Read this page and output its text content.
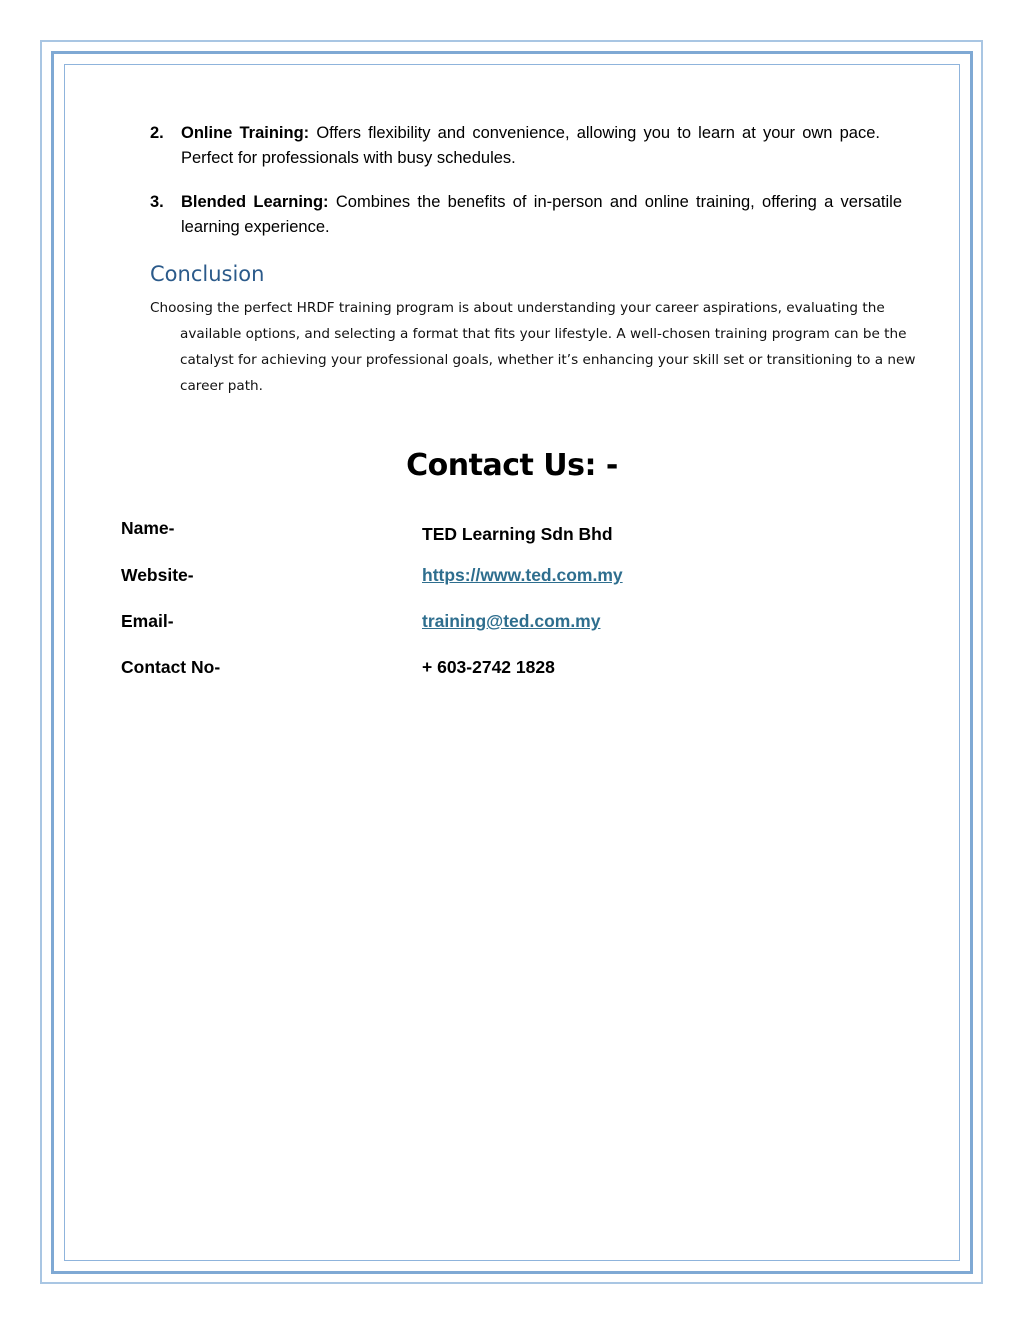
2. Online Training: Offers flexibility and convenience, allowing you to learn at your own pace. Perfect for professionals with busy schedules.
3. Blended Learning: Combines the benefits of in-person and online training, offering a versatile learning experience.
Conclusion

Choosing the perfect HRDF training program is about understanding your career aspirations, evaluating the available options, and selecting a format that fits your lifestyle. A well-chosen training program can be the catalyst for achieving your professional goals, whether it’s enhancing your skill set or transitioning to a new career path.

Contact Us: -
Name-	TED Learning Sdn Bhd
Website-	https://www.ted.com.my
Email-	training@ted.com.my
Contact No-	+ 603-2742 1828
